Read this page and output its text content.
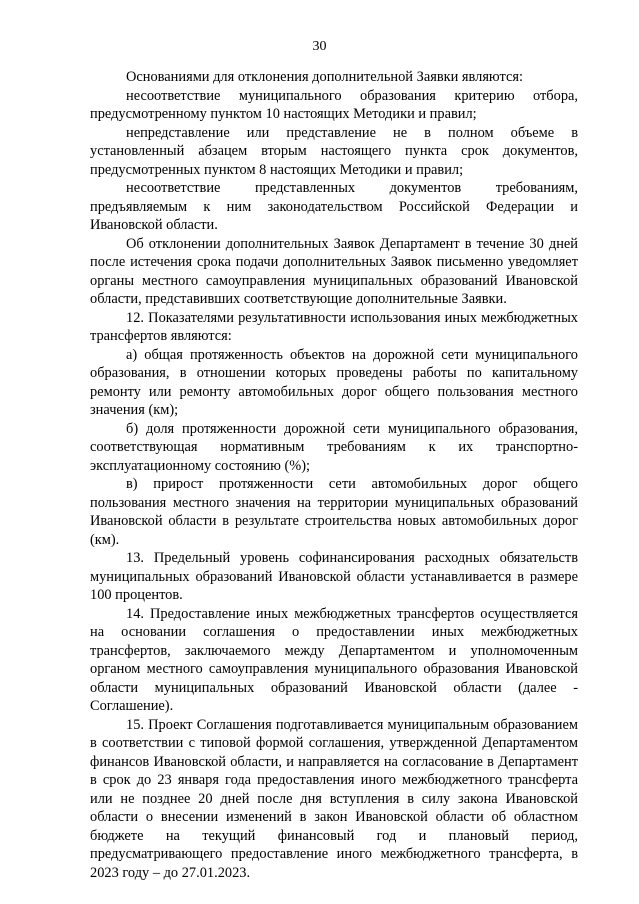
30

Основаниями для отклонения дополнительной Заявки являются:

несоответствие муниципального образования критерию отбора, предусмотренному пунктом 10 настоящих Методики и правил;

непредставление или представление не в полном объеме в установленный абзацем вторым настоящего пункта срок документов, предусмотренных пунктом 8 настоящих Методики и правил;

несоответствие представленных документов требованиям, предъявляемым к ним законодательством Российской Федерации и Ивановской области.

Об отклонении дополнительных Заявок Департамент в течение 30 дней после истечения срока подачи дополнительных Заявок письменно уведомляет органы местного самоуправления муниципальных образований Ивановской области, представивших соответствующие дополнительные Заявки.

12. Показателями результативности использования иных межбюджетных трансфертов являются:

а) общая протяженность объектов на дорожной сети муниципального образования, в отношении которых проведены работы по капитальному ремонту или ремонту автомобильных дорог общего пользования местного значения (км);

б) доля протяженности дорожной сети муниципального образования, соответствующая нормативным требованиям к их транспортно-эксплуатационному состоянию (%);

в) прирост протяженности сети автомобильных дорог общего пользования местного значения на территории муниципальных образований Ивановской области в результате строительства новых автомобильных дорог (км).

13. Предельный уровень софинансирования расходных обязательств муниципальных образований Ивановской области устанавливается в размере 100 процентов.

14. Предоставление иных межбюджетных трансфертов осуществляется на основании соглашения о предоставлении иных межбюджетных трансфертов, заключаемого между Департаментом и уполномоченным органом местного самоуправления муниципального образования Ивановской области муниципальных образований Ивановской области (далее - Соглашение).

15. Проект Соглашения подготавливается муниципальным образованием в соответствии с типовой формой соглашения, утвержденной Департаментом финансов Ивановской области, и направляется на согласование в Департамент в срок до 23 января года предоставления иного межбюджетного трансферта или не позднее 20 дней после дня вступления в силу закона Ивановской области о внесении изменений в закон Ивановской области об областном бюджете на текущий финансовый год и плановый период, предусматривающего предоставление иного межбюджетного трансферта, в 2023 году – до 27.01.2023.
